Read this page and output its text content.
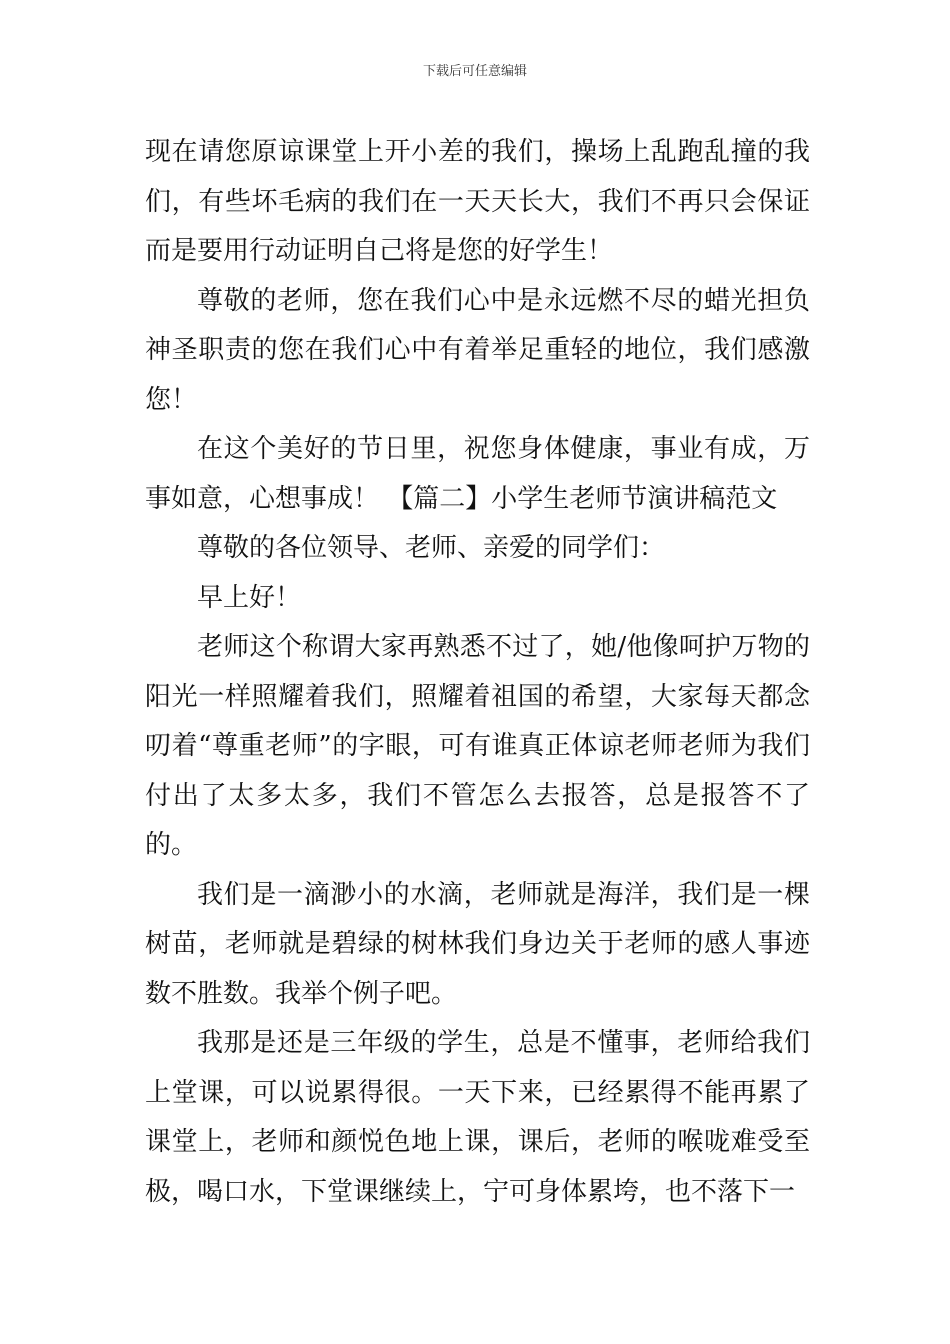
下载后可任意编辑

现在请您原谅课堂上开小差的我们，操场上乱跑乱撞的我们，有些坏毛病的我们在一天天长大，我们不再只会保证而是要用行动证明自己将是您的好学生！

尊敬的老师，您在我们心中是永远燃不尽的蜡光担负神圣职责的您在我们心中有着举足重轻的地位，我们感激您！

在这个美好的节日里，祝您身体健康，事业有成，万事如意，心想事成！ 【篇二】小学生老师节演讲稿范文

尊敬的各位领导、老师、亲爱的同学们：

早上好！

老师这个称谓大家再熟悉不过了，她/他像呵护万物的阳光一样照耀着我们，照耀着祖国的希望，大家每天都念叨着“尊重老师”的字眼，可有谁真正体谅老师老师为我们付出了太多太多，我们不管怎么去报答，总是报答不了的。

我们是一滴渺小的水滴，老师就是海洋，我们是一棵树苗，老师就是碧绿的树林我们身边关于老师的感人事迹数不胜数。我举个例子吧。

我那是还是三年级的学生，总是不懂事，老师给我们上堂课，可以说累得很。一天下来，已经累得不能再累了课堂上，老师和颜悦色地上课，课后，老师的喉咙难受至极，喝口水，下堂课继续上，宁可身体累垮，也不落下一
